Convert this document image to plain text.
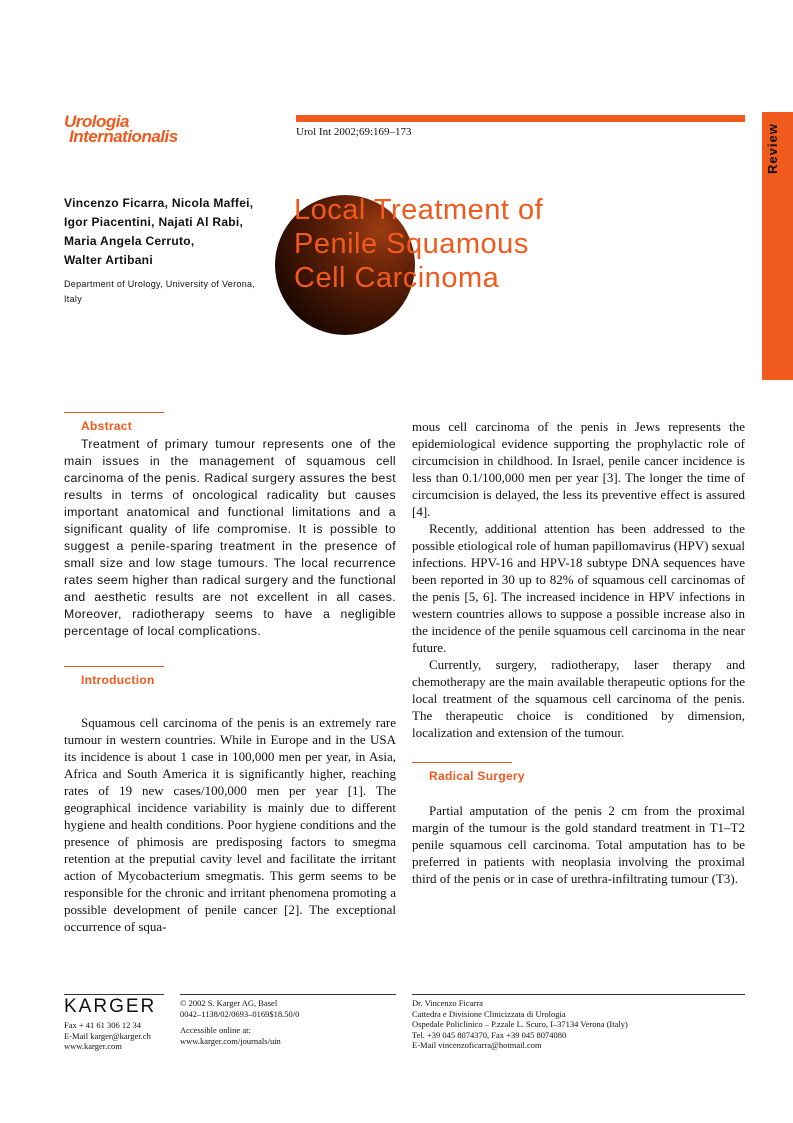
Urologia
Internationalis	Urol Int 2002;69:169–173	Review
Vincenzo Ficarra, Nicola Maffei,
Igor Piacentini, Najati Al Rabi,
Maria Angela Cerruto,
Walter Artibani
Department of Urology, University of Verona, Italy
Local Treatment of
Penile Squamous
Cell Carcinoma
Abstract

Treatment of primary tumour represents one of the main issues in the management of squamous cell carcinoma of the penis. Radical surgery assures the best results in terms of oncological radicality but causes important anatomical and functional limitations and a significant quality of life compromise. It is possible to suggest a penile-sparing treatment in the presence of small size and low stage tumours. The local recurrence rates seem higher than radical surgery and the functional and aesthetic results are not excellent in all cases. Moreover, radiotherapy seems to have a negligible percentage of local complications.

Introduction

Squamous cell carcinoma of the penis is an extremely rare tumour in western countries. While in Europe and in the USA its incidence is about 1 case in 100,000 men per year, in Asia, Africa and South America it is significantly higher, reaching rates of 19 new cases/100,000 men per year [1]. The geographical incidence variability is mainly due to different hygiene and health conditions. Poor hygiene conditions and the presence of phimosis are predisposing factors to smegma retention at the preputial cavity level and facilitate the irritant action of Mycobacterium smegmatis. This germ seems to be responsible for the chronic and irritant phenomena promoting a possible development of penile cancer [2]. The exceptional occurrence of squa-

mous cell carcinoma of the penis in Jews represents the epidemiological evidence supporting the prophylactic role of circumcision in childhood. In Israel, penile cancer incidence is less than 0.1/100,000 men per year [3]. The longer the time of circumcision is delayed, the less its preventive effect is assured [4].

Recently, additional attention has been addressed to the possible etiological role of human papillomavirus (HPV) sexual infections. HPV-16 and HPV-18 subtype DNA sequences have been reported in 30 up to 82% of squamous cell carcinomas of the penis [5, 6]. The increased incidence in HPV infections in western countries allows to suppose a possible increase also in the incidence of the penile squamous cell carcinoma in the near future.

Currently, surgery, radiotherapy, laser therapy and chemotherapy are the main available therapeutic options for the local treatment of the squamous cell carcinoma of the penis. The therapeutic choice is conditioned by dimension, localization and extension of the tumour.

Radical Surgery

Partial amputation of the penis 2 cm from the proximal margin of the tumour is the gold standard treatment in T1–T2 penile squamous cell carcinoma. Total amputation has to be preferred in patients with neoplasia involving the proximal third of the penis or in case of urethra-infiltrating tumour (T3).

KARGER
Fax + 41 61 306 12 34
E-Mail karger@karger.ch
www.karger.com
© 2002 S. Karger AG, Basel
0042–1138/02/0693–0169$18.50/0
Accessible online at:
www.karger.com/journals/uin
Dr. Vincenzo Ficarra
Cattedra e Divisione Clinicizzata di Urologia
Ospedale Policlinico – P.zzale L. Scuro, I–37134 Verona (Italy)
Tel. +39 045 8074370, Fax +39 045 8074080
E-Mail vincenzoficarra@hotmail.com
